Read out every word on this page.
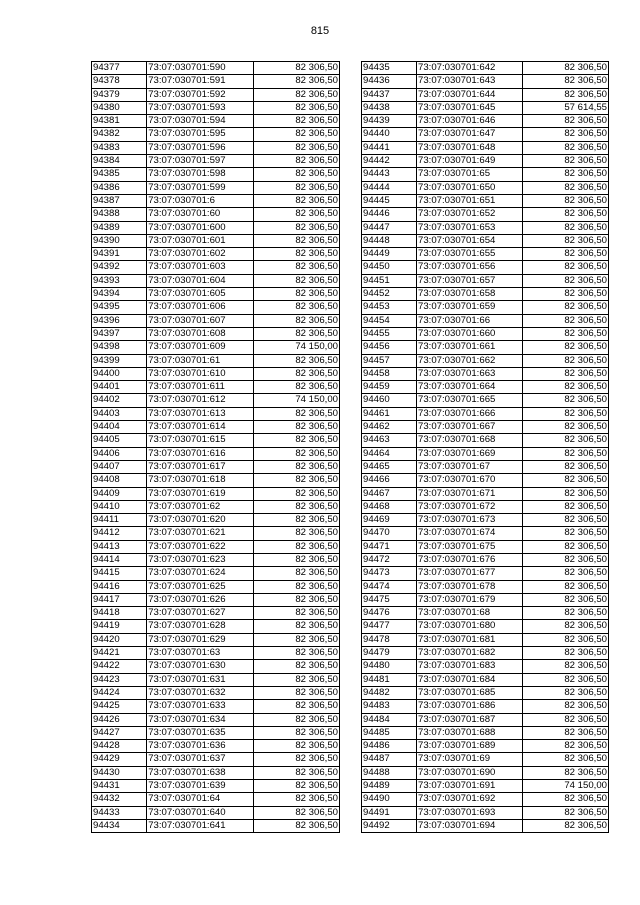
815
94377	73:07:030701:590	82 306,50
94378	73:07:030701:591	82 306,50
94379	73:07:030701:592	82 306,50
94380	73:07:030701:593	82 306,50
94381	73:07:030701:594	82 306,50
94382	73:07:030701:595	82 306,50
94383	73:07:030701:596	82 306,50
94384	73:07:030701:597	82 306,50
94385	73:07:030701:598	82 306,50
94386	73:07:030701:599	82 306,50
94387	73:07:030701:6	82 306,50
94388	73:07:030701:60	82 306,50
94389	73:07:030701:600	82 306,50
94390	73:07:030701:601	82 306,50
94391	73:07:030701:602	82 306,50
94392	73:07:030701:603	82 306,50
94393	73:07:030701:604	82 306,50
94394	73:07:030701:605	82 306,50
94395	73:07:030701:606	82 306,50
94396	73:07:030701:607	82 306,50
94397	73:07:030701:608	82 306,50
94398	73:07:030701:609	74 150,00
94399	73:07:030701:61	82 306,50
94400	73:07:030701:610	82 306,50
94401	73:07:030701:611	82 306,50
94402	73:07:030701:612	74 150,00
94403	73:07:030701:613	82 306,50
94404	73:07:030701:614	82 306,50
94405	73:07:030701:615	82 306,50
94406	73:07:030701:616	82 306,50
94407	73:07:030701:617	82 306,50
94408	73:07:030701:618	82 306,50
94409	73:07:030701:619	82 306,50
94410	73:07:030701:62	82 306,50
94411	73:07:030701:620	82 306,50
94412	73:07:030701:621	82 306,50
94413	73:07:030701:622	82 306,50
94414	73:07:030701:623	82 306,50
94415	73:07:030701:624	82 306,50
94416	73:07:030701:625	82 306,50
94417	73:07:030701:626	82 306,50
94418	73:07:030701:627	82 306,50
94419	73:07:030701:628	82 306,50
94420	73:07:030701:629	82 306,50
94421	73:07:030701:63	82 306,50
94422	73:07:030701:630	82 306,50
94423	73:07:030701:631	82 306,50
94424	73:07:030701:632	82 306,50
94425	73:07:030701:633	82 306,50
94426	73:07:030701:634	82 306,50
94427	73:07:030701:635	82 306,50
94428	73:07:030701:636	82 306,50
94429	73:07:030701:637	82 306,50
94430	73:07:030701:638	82 306,50
94431	73:07:030701:639	82 306,50
94432	73:07:030701:64	82 306,50
94433	73:07:030701:640	82 306,50
94434	73:07:030701:641	82 306,50
94435	73:07:030701:642	82 306,50
94436	73:07:030701:643	82 306,50
94437	73:07:030701:644	82 306,50
94438	73:07:030701:645	57 614,55
94439	73:07:030701:646	82 306,50
94440	73:07:030701:647	82 306,50
94441	73:07:030701:648	82 306,50
94442	73:07:030701:649	82 306,50
94443	73:07:030701:65	82 306,50
94444	73:07:030701:650	82 306,50
94445	73:07:030701:651	82 306,50
94446	73:07:030701:652	82 306,50
94447	73:07:030701:653	82 306,50
94448	73:07:030701:654	82 306,50
94449	73:07:030701:655	82 306,50
94450	73:07:030701:656	82 306,50
94451	73:07:030701:657	82 306,50
94452	73:07:030701:658	82 306,50
94453	73:07:030701:659	82 306,50
94454	73:07:030701:66	82 306,50
94455	73:07:030701:660	82 306,50
94456	73:07:030701:661	82 306,50
94457	73:07:030701:662	82 306,50
94458	73:07:030701:663	82 306,50
94459	73:07:030701:664	82 306,50
94460	73:07:030701:665	82 306,50
94461	73:07:030701:666	82 306,50
94462	73:07:030701:667	82 306,50
94463	73:07:030701:668	82 306,50
94464	73:07:030701:669	82 306,50
94465	73:07:030701:67	82 306,50
94466	73:07:030701:670	82 306,50
94467	73:07:030701:671	82 306,50
94468	73:07:030701:672	82 306,50
94469	73:07:030701:673	82 306,50
94470	73:07:030701:674	82 306,50
94471	73:07:030701:675	82 306,50
94472	73:07:030701:676	82 306,50
94473	73:07:030701:677	82 306,50
94474	73:07:030701:678	82 306,50
94475	73:07:030701:679	82 306,50
94476	73:07:030701:68	82 306,50
94477	73:07:030701:680	82 306,50
94478	73:07:030701:681	82 306,50
94479	73:07:030701:682	82 306,50
94480	73:07:030701:683	82 306,50
94481	73:07:030701:684	82 306,50
94482	73:07:030701:685	82 306,50
94483	73:07:030701:686	82 306,50
94484	73:07:030701:687	82 306,50
94485	73:07:030701:688	82 306,50
94486	73:07:030701:689	82 306,50
94487	73:07:030701:69	82 306,50
94488	73:07:030701:690	82 306,50
94489	73:07:030701:691	74 150,00
94490	73:07:030701:692	82 306,50
94491	73:07:030701:693	82 306,50
94492	73:07:030701:694	82 306,50
